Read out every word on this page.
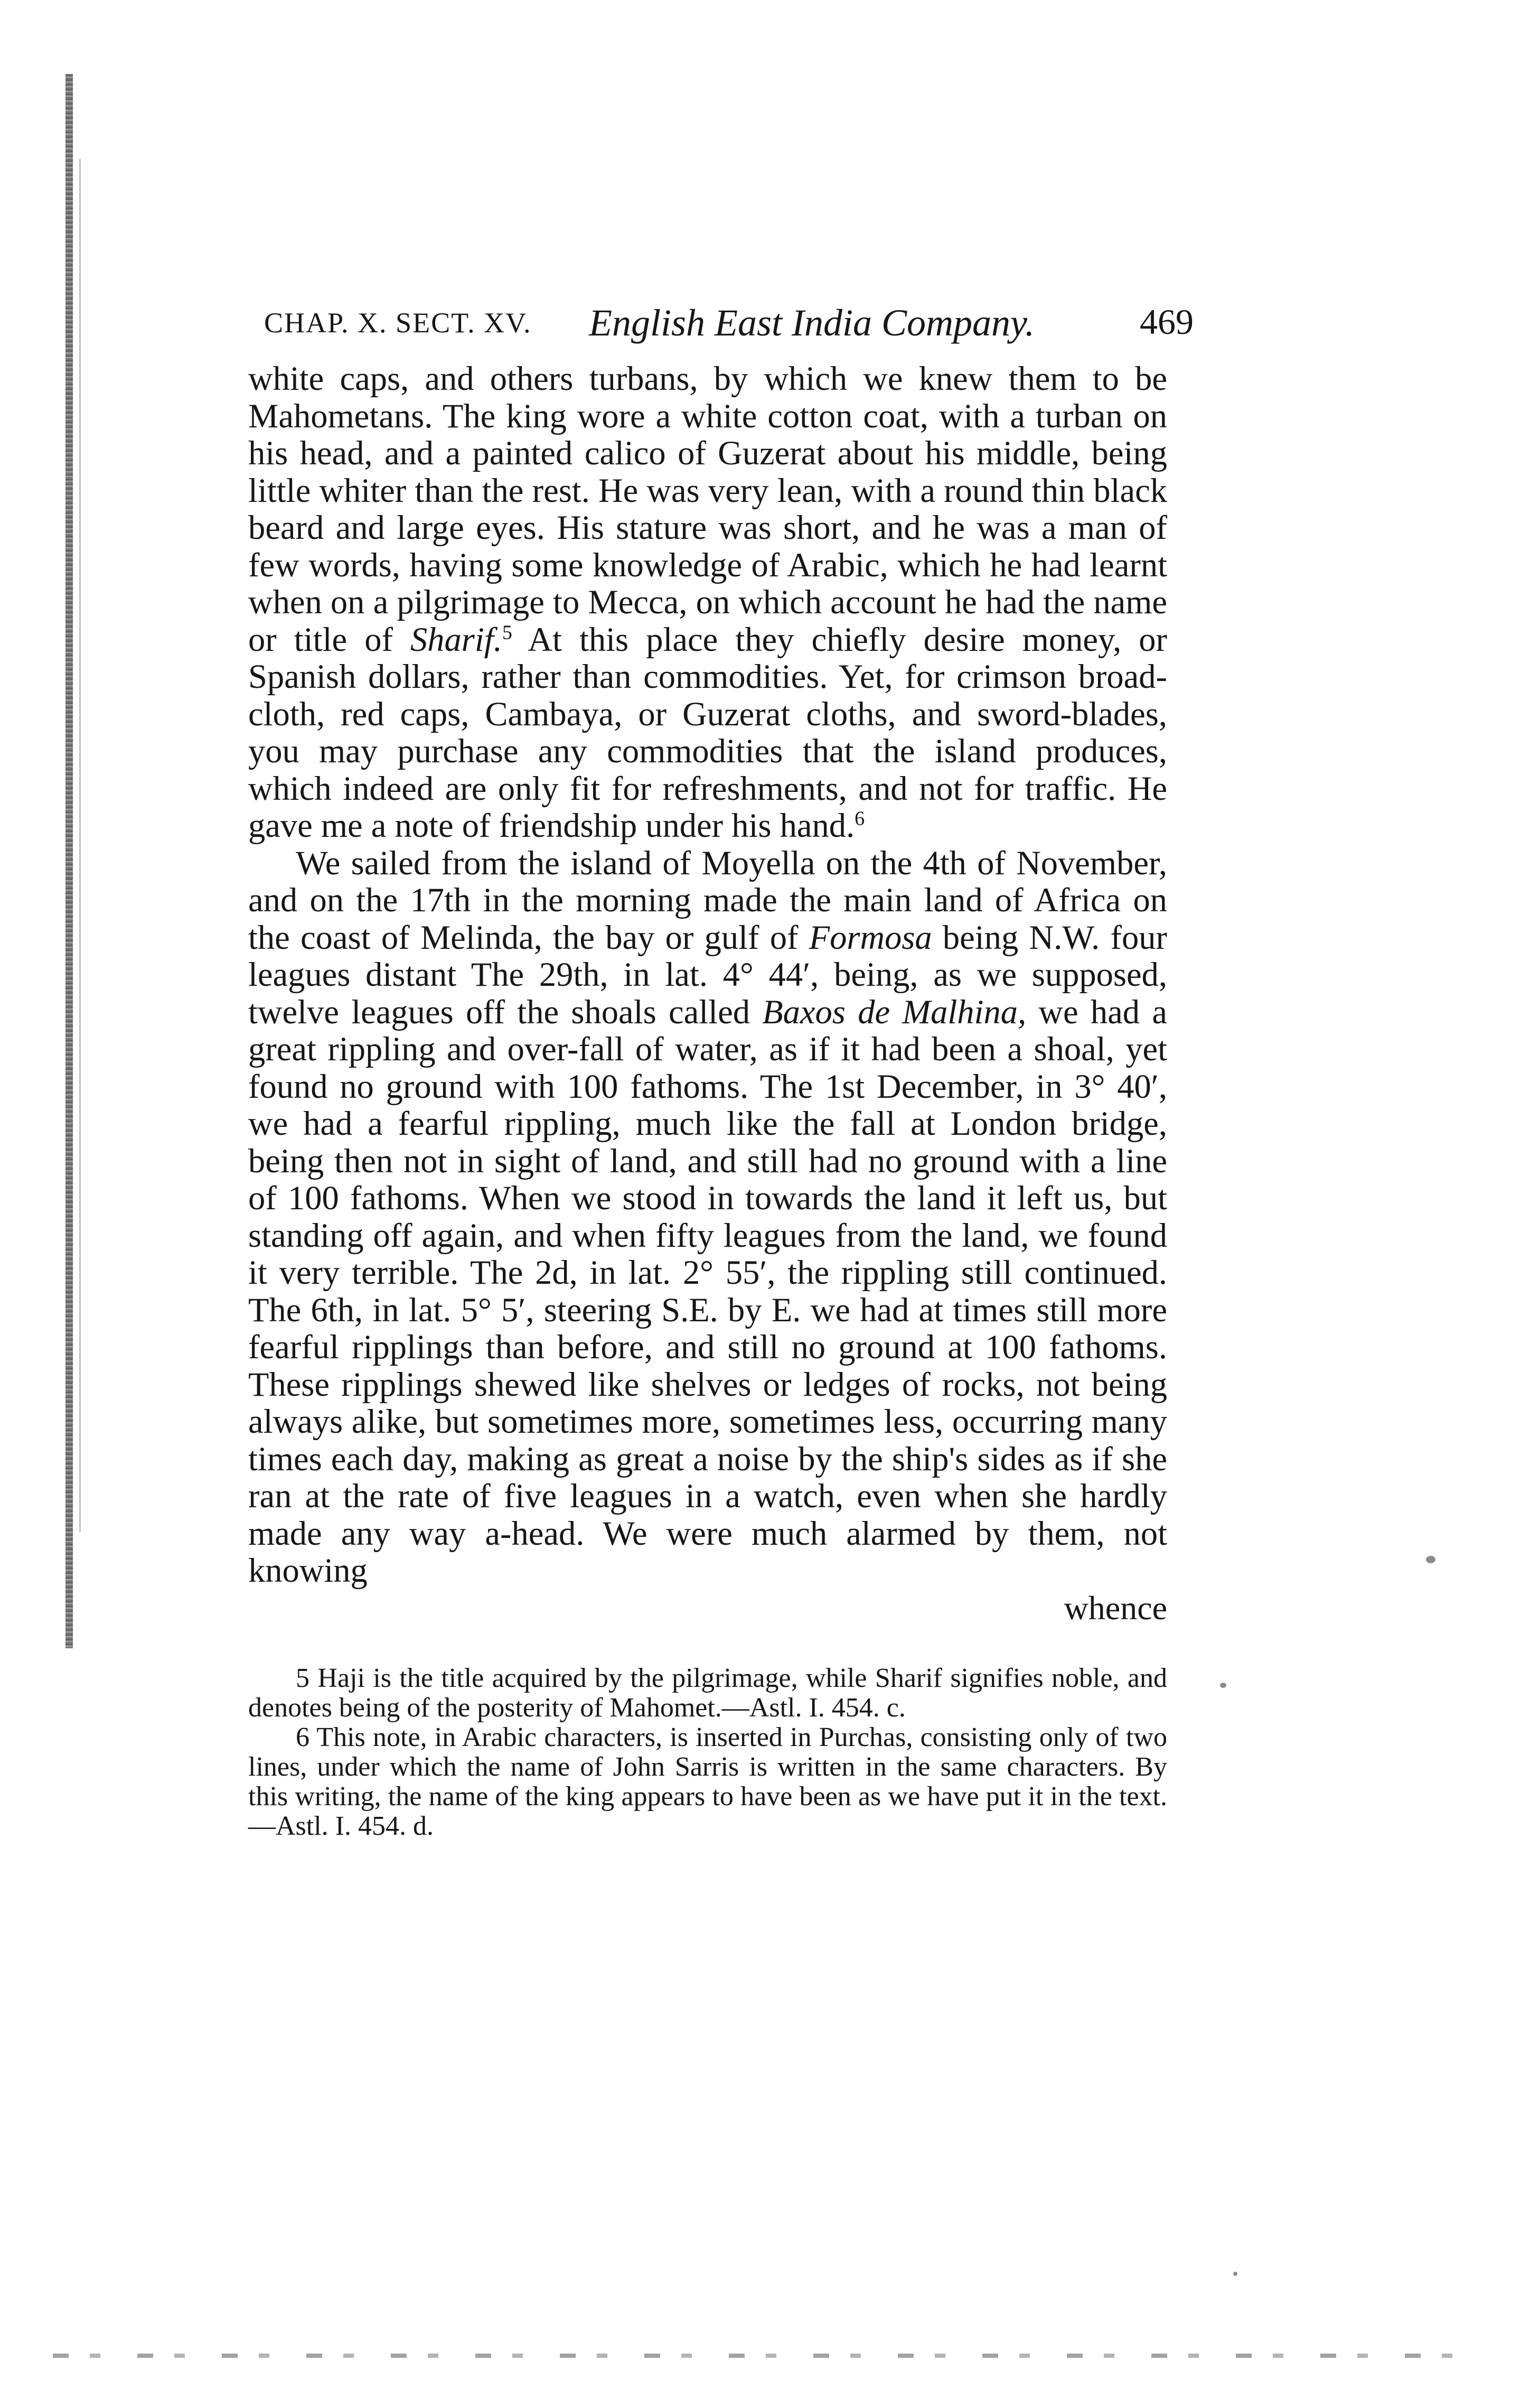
CHAP. X. SECT. XV. English East India Company.	469

white caps, and others turbans, by which we knew them to be Mahometans. The king wore a white cotton coat, with a turban on his head, and a painted calico of Guzerat about his middle, being little whiter than the rest. He was very lean, with a round thin black beard and large eyes. His stature was short, and he was a man of few words, having some knowledge of Arabic, which he had learnt when on a pilgrimage to Mecca, on which account he had the name or title of Sharif.$^5$ At this place they chiefly desire money, or Spanish dollars, rather than commodities. Yet, for crimson broad-cloth, red caps, Cambaya, or Guzerat cloths, and sword-blades, you may purchase any commodities that the island produces, which indeed are only fit for refreshments, and not for traffic. He gave me a note of friendship under his hand.$^6$

We sailed from the island of Moyella on the 4th of November, and on the 17th in the morning made the main land of Africa on the coast of Melinda, the bay or gulf of Formosa being N.W. four leagues distant The 29th, in lat. 4° 44′, being, as we supposed, twelve leagues off the shoals called Baxos de Malhina, we had a great rippling and over-fall of water, as if it had been a shoal, yet found no ground with 100 fathoms. The 1st December, in 3° 40′, we had a fearful rippling, much like the fall at London bridge, being then not in sight of land, and still had no ground with a line of 100 fathoms. When we stood in towards the land it left us, but standing off again, and when fifty leagues from the land, we found it very terrible. The 2d, in lat. 2° 55′, the rippling still continued. The 6th, in lat. 5° 5′, steering S.E. by E. we had at times still more fearful ripplings than before, and still no ground at 100 fathoms. These ripplings shewed like shelves or ledges of rocks, not being always alike, but sometimes more, sometimes less, occurring many times each day, making as great a noise by the ship's sides as if she ran at the rate of five leagues in a watch, even when she hardly made any way a-head. We were much alarmed by them, not knowing

whence

5 Haji is the title acquired by the pilgrimage, while Sharif signifies noble, and denotes being of the posterity of Mahomet.—Astl. I. 454. c.

6 This note, in Arabic characters, is inserted in Purchas, consisting only of two lines, under which the name of John Sarris is written in the same characters. By this writing, the name of the king appears to have been as we have put it in the text.—Astl. I. 454. d.
